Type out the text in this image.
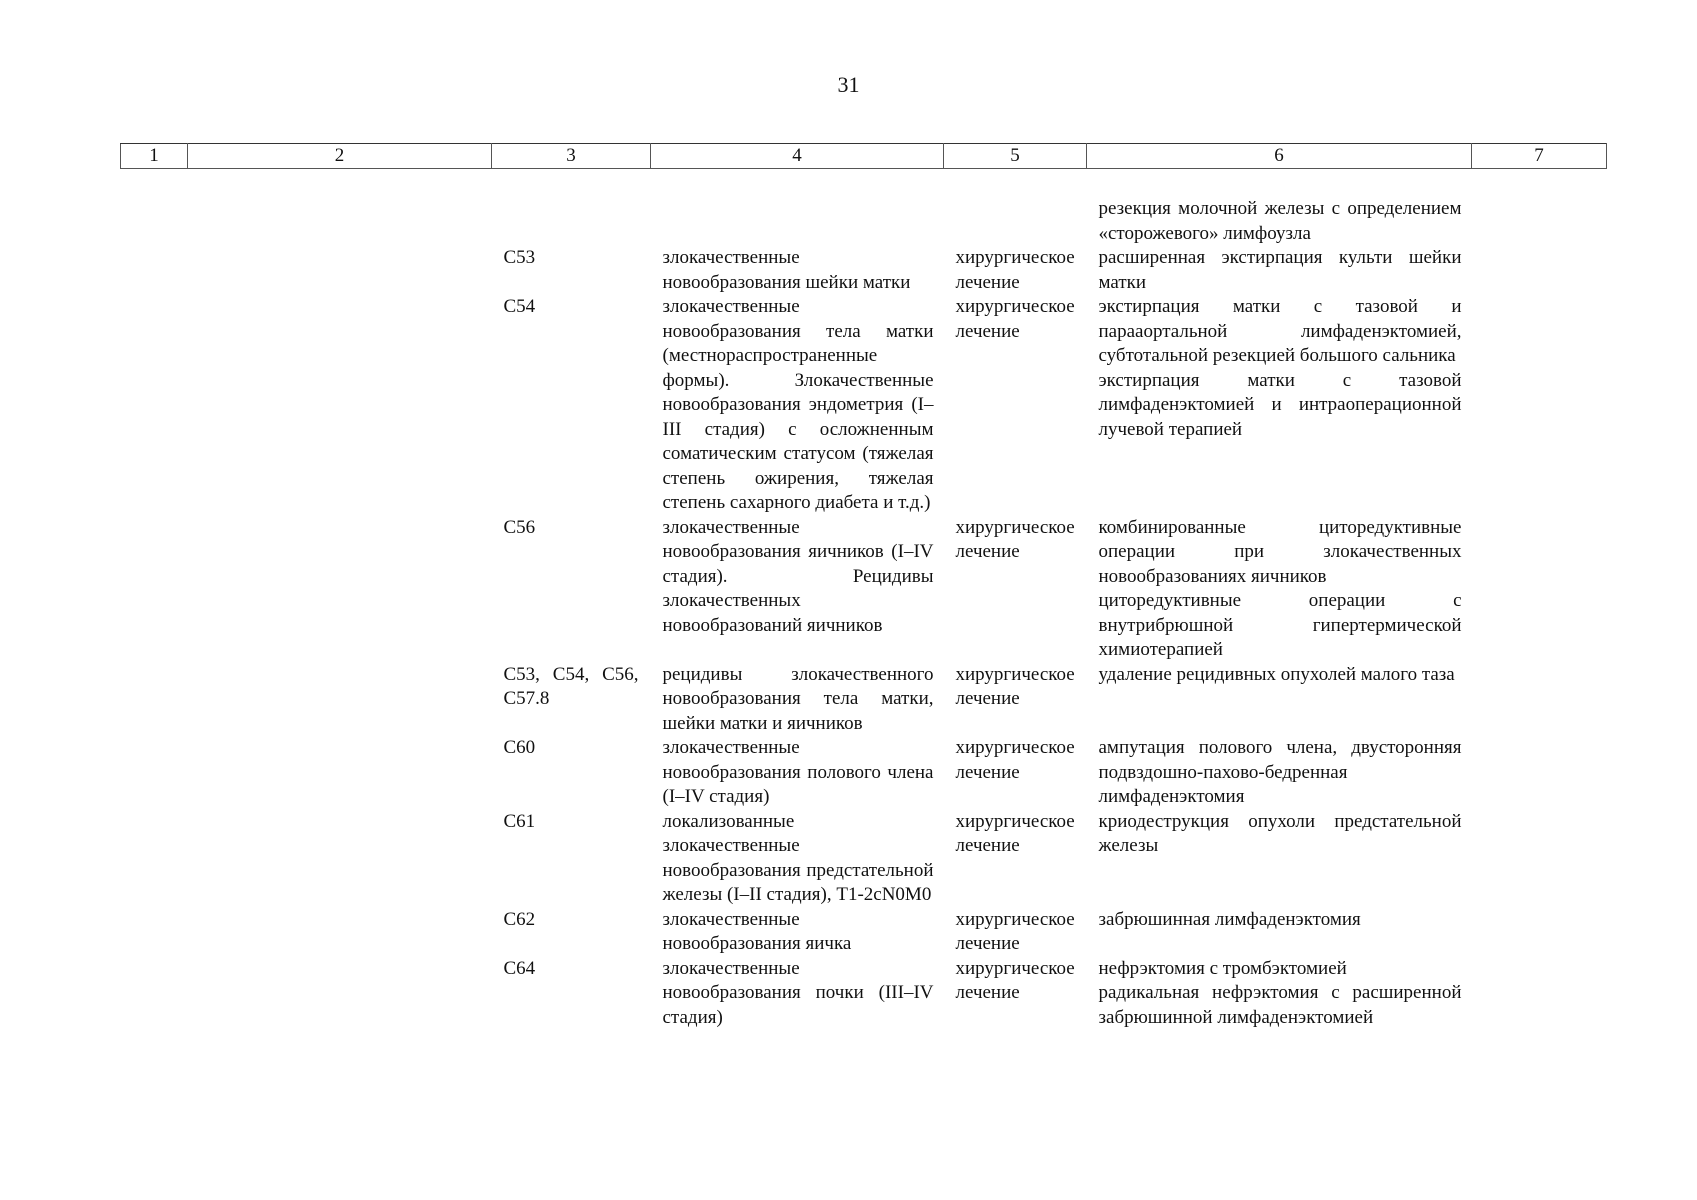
31
1	2	3	4	5	6	7
					резекция молочной железы с определением «сторожевого» лимфоузла	
		C53	злокачественные новообразования шейки матки	хирургическое лечение	расширенная экстирпация культи шейки матки	
		C54	злокачественные новообразования тела матки (местнораспространенные формы). Злокачественные новообразования эндометрия (I–III стадия) с осложненным соматическим статусом (тяжелая степень ожирения, тяжелая степень сахарного диабета и т.д.)	хирургическое лечение	экстирпация матки с тазовой и парааортальной лимфаденэктомией, субтотальной резекцией большого сальника
экстирпация матки с тазовой лимфаденэктомией и интраоперационной лучевой терапией	

		C56	злокачественные новообразования яичников (I–IV стадия). Рецидивы злокачественных новообразований яичников	хирургическое лечение	комбинированные циторедуктивные операции при злокачественных новообразованиях яичников
циторедуктивные операции с внутрибрюшной гипертермической химиотерапией	

		C53, C54, C56, C57.8	рецидивы злокачественного новообразования тела матки, шейки матки и яичников	хирургическое лечение	удаление рецидивных опухолей малого таза	
		C60	злокачественные новообразования полового члена (I–IV стадия)	хирургическое лечение	ампутация полового члена, двусторонняя подвздошно-пахово-бедренная лимфаденэктомия	
		C61	локализованные злокачественные новообразования предстательной железы (I–II стадия), T1-2cN0M0	хирургическое лечение	криодеструкция опухоли предстательной железы	
		C62	злокачественные новообразования яичка	хирургическое лечение	забрюшинная лимфаденэктомия	
		C64	злокачественные новообразования почки (III–IV стадия)	хирургическое лечение	нефрэктомия с тромбэктомией
радикальная нефрэктомия с расширенной забрюшинной лимфаденэктомией	
